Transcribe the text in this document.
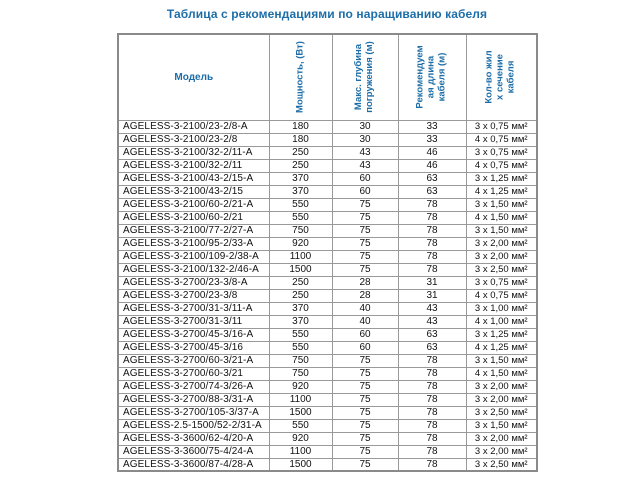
Таблица с рекомендациями по наращиванию кабеля
Модель	Мощность, (Вт)	Макс. глубина погружения (м)	Рекомендуемая длина кабеля (м)	Кол-во жил х сечение кабеля

AGELESS-3-2100/23-2/8-A	180	30	33	3 x 0,75 мм²
AGELESS-3-2100/23-2/8	180	30	33	4 x 0,75 мм²
AGELESS-3-2100/32-2/11-A	250	43	46	3 x 0,75 мм²
AGELESS-3-2100/32-2/11	250	43	46	4 x 0,75 мм²
AGELESS-3-2100/43-2/15-A	370	60	63	3 x 1,25 мм²
AGELESS-3-2100/43-2/15	370	60	63	4 x 1,25 мм²
AGELESS-3-2100/60-2/21-A	550	75	78	3 x 1,50 мм²
AGELESS-3-2100/60-2/21	550	75	78	4 x 1,50 мм²
AGELESS-3-2100/77-2/27-A	750	75	78	3 x 1,50 мм²
AGELESS-3-2100/95-2/33-A	920	75	78	3 x 2,00 мм²
AGELESS-3-2100/109-2/38-A	1100	75	78	3 x 2,00 мм²
AGELESS-3-2100/132-2/46-A	1500	75	78	3 x 2,50 мм²
AGELESS-3-2700/23-3/8-A	250	28	31	3 x 0,75 мм²
AGELESS-3-2700/23-3/8	250	28	31	4 x 0,75 мм²
AGELESS-3-2700/31-3/11-A	370	40	43	3 x 1,00 мм²
AGELESS-3-2700/31-3/11	370	40	43	4 x 1,00 мм²
AGELESS-3-2700/45-3/16-A	550	60	63	3 x 1,25 мм²
AGELESS-3-2700/45-3/16	550	60	63	4 x 1,25 мм²
AGELESS-3-2700/60-3/21-A	750	75	78	3 x 1,50 мм²
AGELESS-3-2700/60-3/21	750	75	78	4 x 1,50 мм²
AGELESS-3-2700/74-3/26-A	920	75	78	3 x 2,00 мм²
AGELESS-3-2700/88-3/31-A	1100	75	78	3 x 2,00 мм²
AGELESS-3-2700/105-3/37-A	1500	75	78	3 x 2,50 мм²
AGELESS-2.5-1500/52-2/31-A	550	75	78	3 x 1,50 мм²
AGELESS-3-3600/62-4/20-A	920	75	78	3 x 2,00 мм²
AGELESS-3-3600/75-4/24-A	1100	75	78	3 x 2,00 мм²
AGELESS-3-3600/87-4/28-A	1500	75	78	3 x 2,50 мм²
